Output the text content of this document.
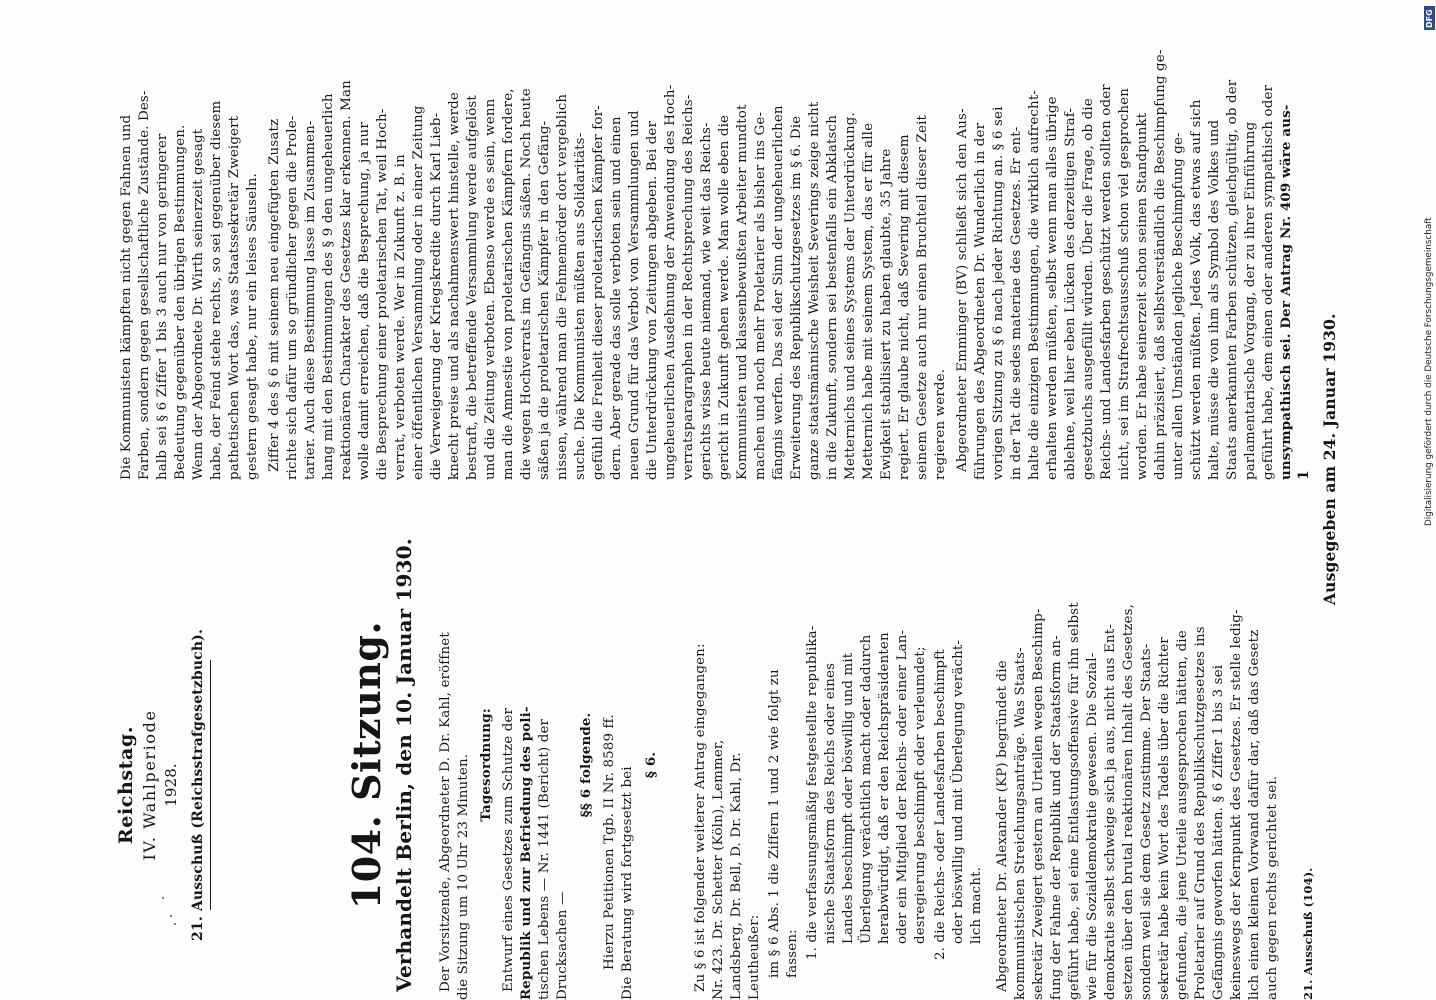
Reichstag. IV. Wahlperiode 1928. 21. Ausschuß (Reichsstrafgesetzbuch).	104. Sitzung. Verhandelt Berlin, den 10. Januar 1930. Der Vorsitzende, Abgeordneter D. Dr. Kahl, eröffnet die Sitzung um 10 Uhr 23 Minuten. Tagesordnung: Entwurf eines Gesetzes zum Schutze der Republik und zur Befriedung des poli- tischen Lebens — Nr. 1441 (Bericht) der Drucksachen —
§§ 6 folgende. Hierzu Petitionen Tgb. II Nr. 8589 ff. Die Beratung wird fortgesetzt bei
§ 6.	Zu § 6 ist folgender weiterer Antrag eingegangen: Nr. 423. Dr. Schetter (Köln), Lemmer, Landsberg, Dr. Bell, D. Dr. Kahl, Dr. Leutheußer: im § 6 Abs. 1 die Ziffern 1 und 2 wie folgt zu fassen: 1. die verfassungsmäßig festgestellte republika- nische Staatsform des Reichs oder eines Landes beschimpft oder böswillig und mit Überlegung verächtlich macht oder dadurch herabwürdigt, daß er den Reichspräsidenten oder ein Mitglied der Reichs- oder einer Lan- desregierung beschimpft oder verleumdet; 2. die Reichs- oder Landesfarben beschimpft oder böswillig und mit Überlegung verächt- lich macht. Abgeordneter Dr. Alexander (KP) begründet die kommunistischen Streichungsanträge. Was Staats- sekretär Zweigert gestern an Urteilen wegen Beschimp- fung der Fahne der Republik und der Staatsform an- geführt habe, sei eine Entlastungsoffensive für ihn selbst wie für die Sozialdemokratie gewesen. Die Sozial- demokratie selbst schweige sich ja aus, nicht aus Ent- setzen über den brutal reaktionären Inhalt des Gesetzes, sondern weil sie dem Gesetz zustimme. Der Staats- sekretär habe kein Wort des Tadels über die Richter gefunden, die jene Urteile ausgesprochen hätten, die Proletarier auf Grund des Republikschutzgesetzes ins Gefängnis geworfen hätten. § 6 Ziffer 1 bis 3 sei keineswegs der Kernpunkt des Gesetzes. Er stelle ledig- lich einen kleinen Vorwand dafür dar, daß das Gesetz auch gegen rechts gerichtet sei. 21. Ausschuß (104).
Die Kommunisten kämpften nicht gegen Fahnen und Farben, sondern gegen gesellschaftliche Zustände. Des- halb sei § 6 Ziffer 1 bis 3 auch nur von geringerer Bedeutung gegenüber den übrigen Bestimmungen. Wenn der Abgeordnete Dr. Wirth seinerzeit gesagt habe, der Feind stehe rechts, so sei gegenüber diesem pathetischen Wort das, was Staatssekretär Zweigert gestern gesagt habe, nur ein leises Säuseln. Ziffer 4 des § 6 mit seinem neu eingefügten Zusatz richte sich dafür um so gründlicher gegen die Prole- tarier. Auch diese Bestimmung lasse im Zusammen- hang mit den Bestimmungen des § 9 den ungeheuerlich reaktionären Charakter des Gesetzes klar erkennen. Man wolle damit erreichen, daß die Besprechung, ja nur die Besprechung einer proletarischen Tat, weil Hoch- verrat, verboten werde. Wer in Zukunft z. B. in einer öffentlichen Versammlung oder in einer Zeitung die Verweigerung der Kriegskredite durch Karl Lieb- knecht preise und als nachahmenswert hinstelle, werde bestraft, die betreffende Versammlung werde aufgelöst und die Zeitung verboten. Ebenso werde es sein, wenn man die Amnestie von proletarischen Kämpfern fordere, die wegen Hochverrats im Gefängnis säßen. Noch heute säßen ja die proletarischen Kämpfer in den Gefäng- nissen, während man die Fehmemörder dort vergeblich suche. Die Kommunisten müßten aus Solidaritäts- gefühl die Freiheit dieser proletarischen Kämpfer for- dern. Aber gerade das solle verboten sein und einen neuen Grund für das Verbot von Versammlungen und die Unterdrückung von Zeitungen abgeben. Bei der ungeheuerlichen Ausdehnung der Anwendung des Hoch- verratsparagraphen in der Rechtsprechung des Reichs- gerichts wisse heute niemand, wie weit das Reichs- gericht in Zukunft gehen werde. Man wolle eben die Kommunisten und klassenbewußten Arbeiter mundtot machen und noch mehr Proletarier als bisher ins Ge- fängnis werfen. Das sei der Sinn der ungeheuerlichen Erweiterung des Republikschutzgesetzes im § 6. Die ganze staatsmännische Weisheit Severings zeige nicht in die Zukunft, sondern sei bestenfalls ein Abklatsch Metternichs und seines Systems der Unterdrückung. Metternich habe mit seinem System, das er für alle Ewigkeit stabilisiert zu haben glaubte, 35 Jahre regiert. Er glaube nicht, daß Severing mit diesem seinem Gesetze auch nur einen Bruchteil dieser Zeit regieren werde. Abgeordneter Emminger (BV) schließt sich den Aus- führungen des Abgeordneten Dr. Wunderlich in der vorigen Sitzung zu § 6 nach jeder Richtung an. § 6 sei in der Tat die sedes materiae des Gesetzes. Er ent- halte die einzigen Bestimmungen, die wirklich aufrecht- erhalten werden müßten, selbst wenn man alles übrige ablehne, weil hier eben Lücken des derzeitigen Straf- gesetzbuchs ausgefüllt würden. Über die Frage, ob die Reichs- und Landesfarben geschützt werden sollten oder nicht, sei im Strafrechtsausschuß schon viel gesprochen worden. Er habe seinerzeit schon seinen Standpunkt dahin präzisiert, daß selbstverständlich die Beschimpfung ge- unter allen Umständen jegliche Beschimpfung ge- schützt werden müßten. Jedes Volk, das etwas auf sich halte, müsse die von ihm als Symbol des Volkes und Staats anerkannten Farben schützen, gleichgültig, ob der parlamentarische Vorgang, der zu ihrer Einführung geführt habe, dem einen oder anderen sympathisch oder unsympathisch sei. Der Antrag Nr. 409 wäre aus- 1 Ausgegeben am 24. Januar 1930.
DFG
Digitalisierung gefördert durch die Deutsche Forschungsgemeinschaft
